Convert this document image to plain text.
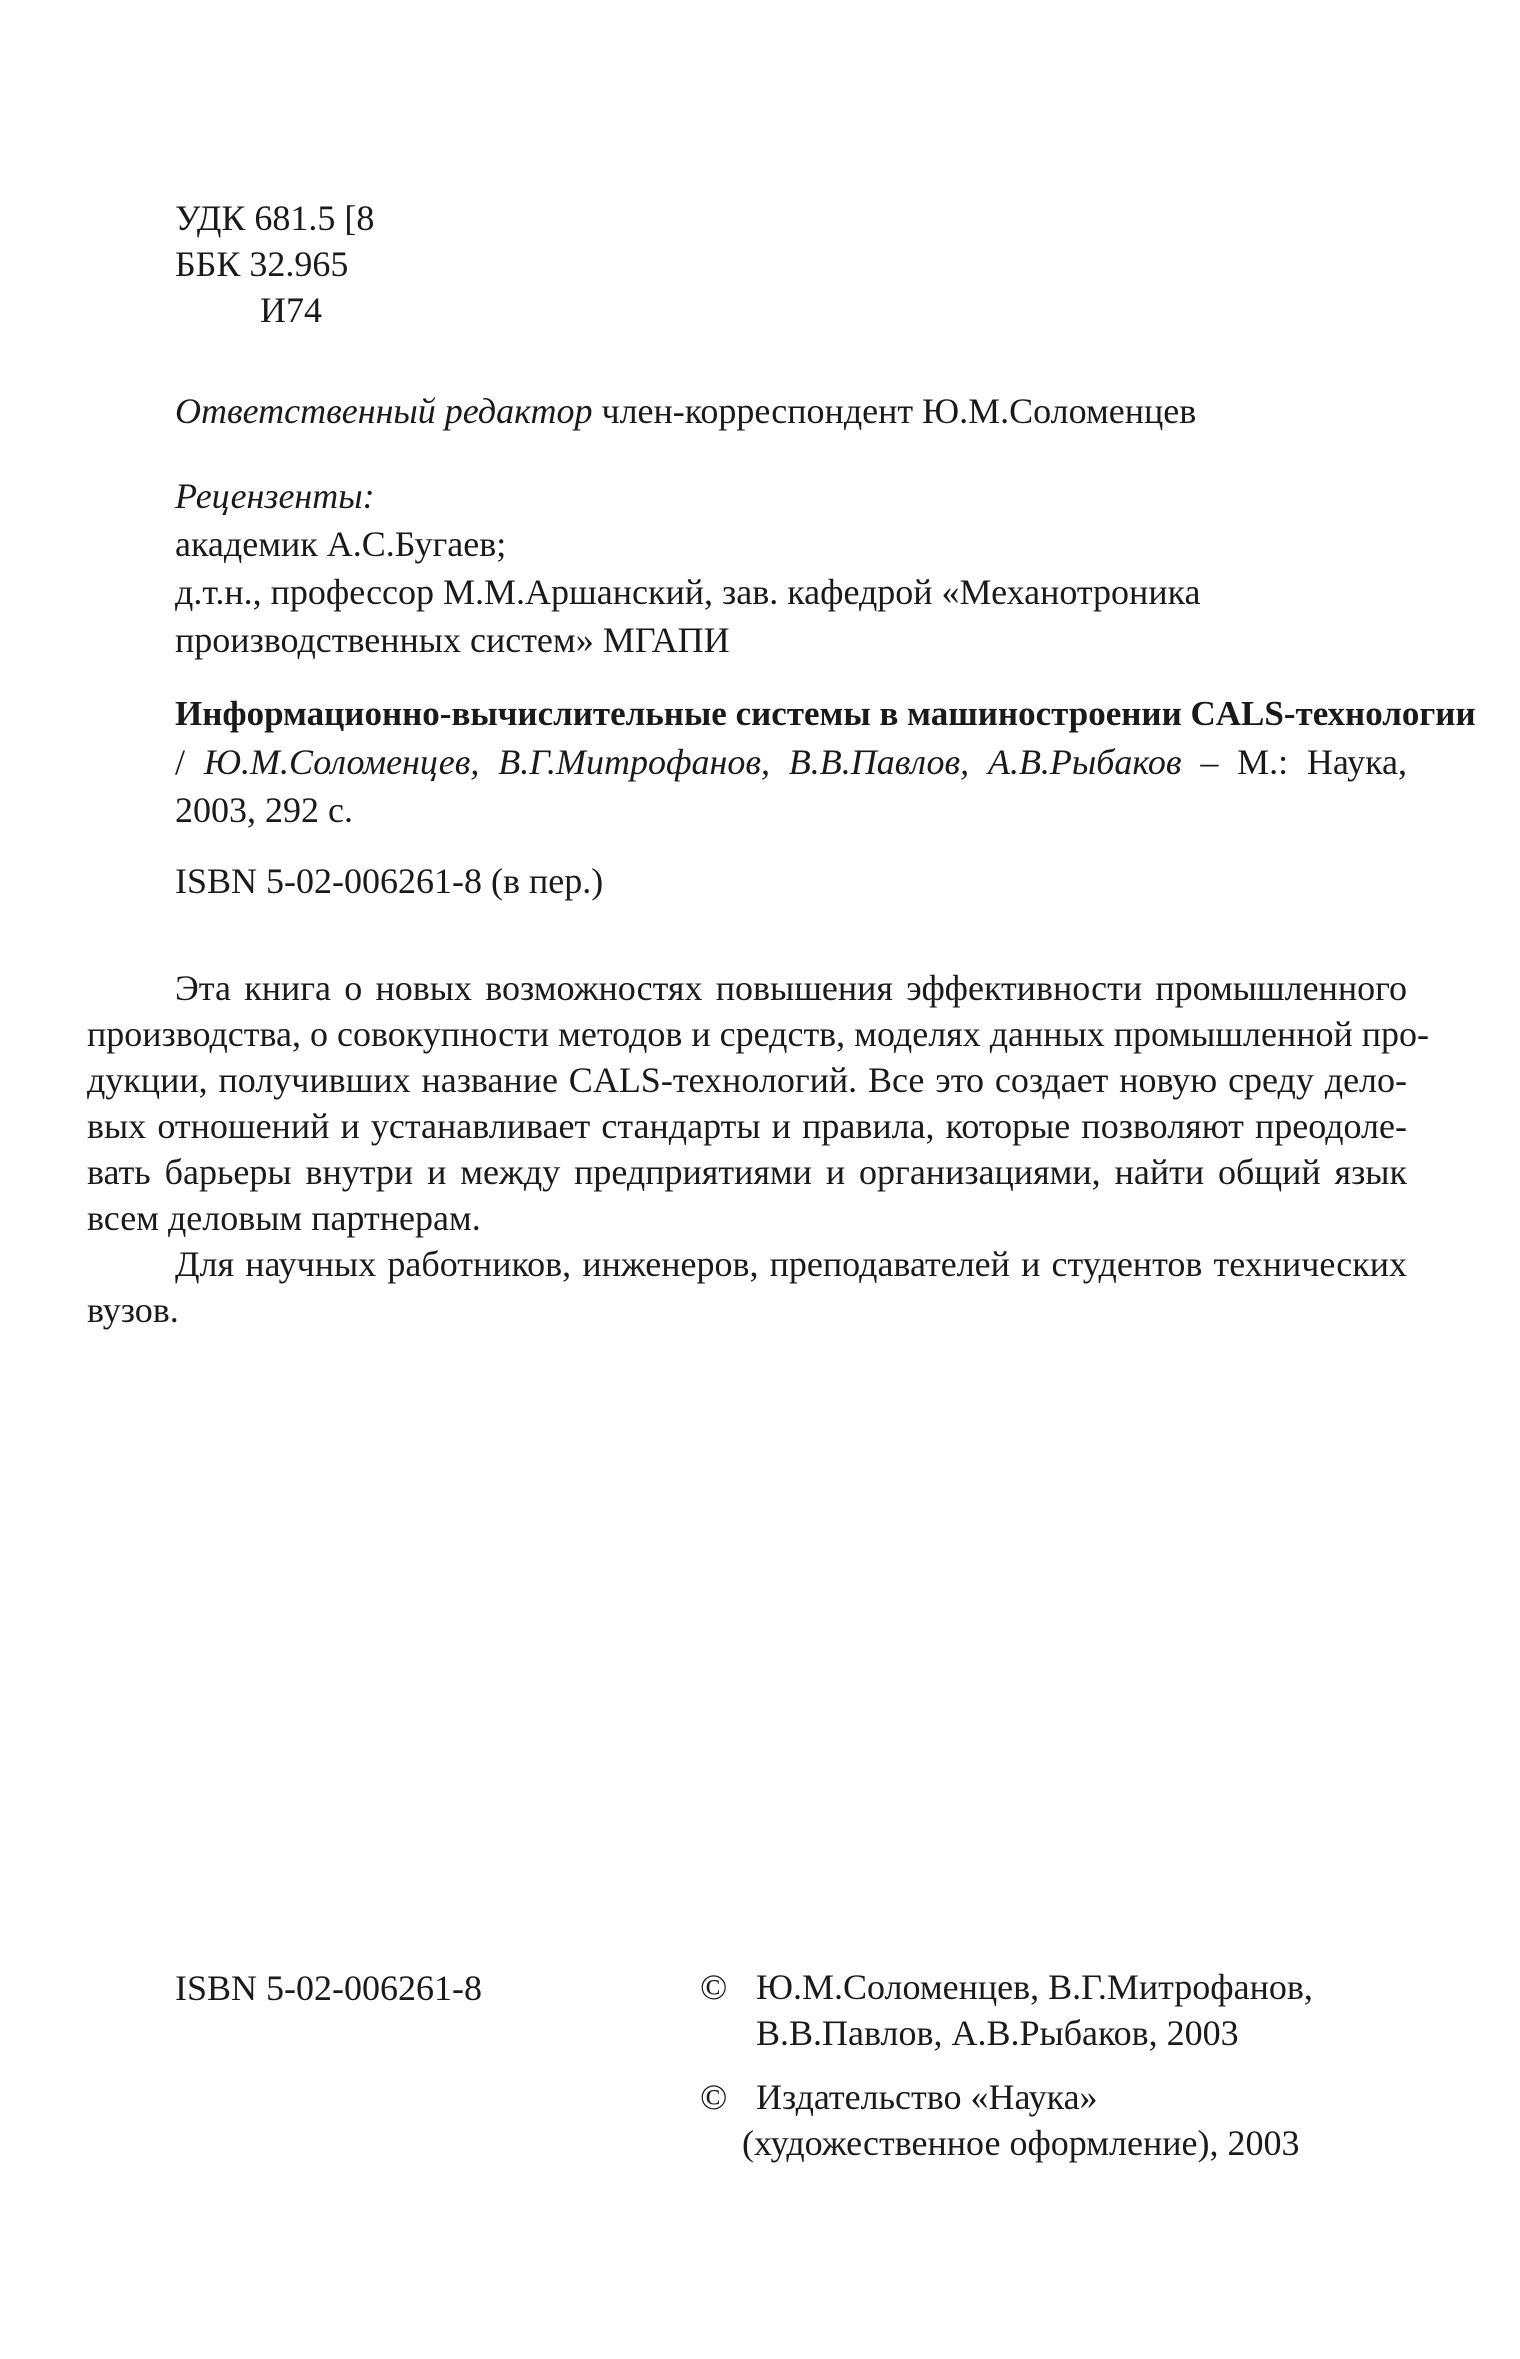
УДК 681.5 [8
ББК 32.965
И74
Ответственный редактор член-корреспондент Ю.М.Соломенцев
Рецензенты:
академик А.С.Бугаев;
д.т.н., профессор М.М.Аршанский, зав. кафедрой «Механотроника
производственных систем» МГАПИ
Информационно-вычислительные системы в машиностроении CALS-технологии
/ Ю.М.Соломенцев, В.Г.Митрофанов, В.В.Павлов, А.В.Рыбаков – М.: Наука,
2003, 292 с.
ISBN 5-02-006261-8 (в пер.)
Эта книга о новых возможностях повышения эффективности промышленного
производства, о совокупности методов и средств, моделях данных промышленной про-
дукции, получивших название CALS-технологий. Все это создает новую среду дело-
вых отношений и устанавливает стандарты и правила, которые позволяют преодоле-
вать барьеры внутри и между предприятиями и организациями, найти общий язык
всем деловым партнерам.
Для научных работников, инженеров, преподавателей и студентов технических
вузов.
ISBN 5-02-006261-8	© Ю.М.Соломенцев, В.Г.Митрофанов,
В.В.Павлов, А.В.Рыбаков, 2003
© Издательство «Наука»
(художественное оформление), 2003
